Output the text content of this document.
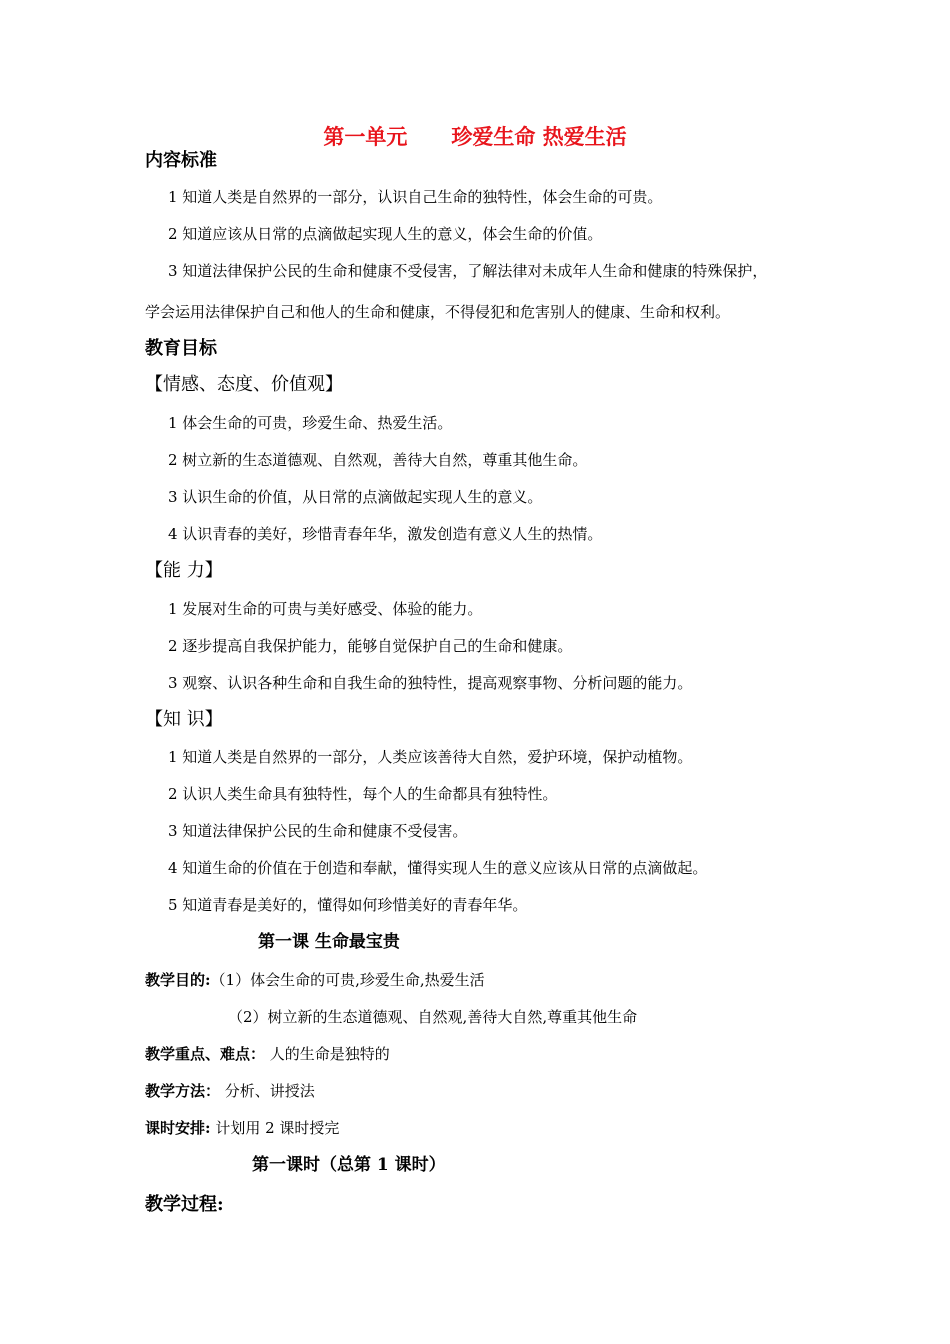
第一单元 珍爱生命 热爱生活
内容标准
1 知道人类是自然界的一部分，认识自己生命的独特性，体会生命的可贵。
2 知道应该从日常的点滴做起实现人生的意义，体会生命的价值。
3 知道法律保护公民的生命和健康不受侵害，了解法律对未成年人生命和健康的特殊保护，
学会运用法律保护自己和他人的生命和健康，不得侵犯和危害别人的健康、生命和权利。
教育目标
【情感、态度、价值观】
1 体会生命的可贵，珍爱生命、热爱生活。
2 树立新的生态道德观、自然观，善待大自然，尊重其他生命。
3 认识生命的价值，从日常的点滴做起实现人生的意义。
4 认识青春的美好，珍惜青春年华，激发创造有意义人生的热情。
【能 力】
1 发展对生命的可贵与美好感受、体验的能力。
2 逐步提高自我保护能力，能够自觉保护自己的生命和健康。
3 观察、认识各种生命和自我生命的独特性，提高观察事物、分析问题的能力。
【知 识】
1 知道人类是自然界的一部分，人类应该善待大自然，爱护环境，保护动植物。
2 认识人类生命具有独特性，每个人的生命都具有独特性。
3 知道法律保护公民的生命和健康不受侵害。
4 知道生命的价值在于创造和奉献，懂得实现人生的意义应该从日常的点滴做起。
5 知道青春是美好的，懂得如何珍惜美好的青春年华。
第一课 生命最宝贵
教学目的:（1）体会生命的可贵,珍爱生命,热爱生活
（2）树立新的生态道德观、自然观,善待大自然,尊重其他生命
教学重点、难点： 人的生命是独特的
教学方法： 分析、讲授法
课时安排: 计划用 2 课时授完
第一课时（总第 1 课时）
教学过程:
